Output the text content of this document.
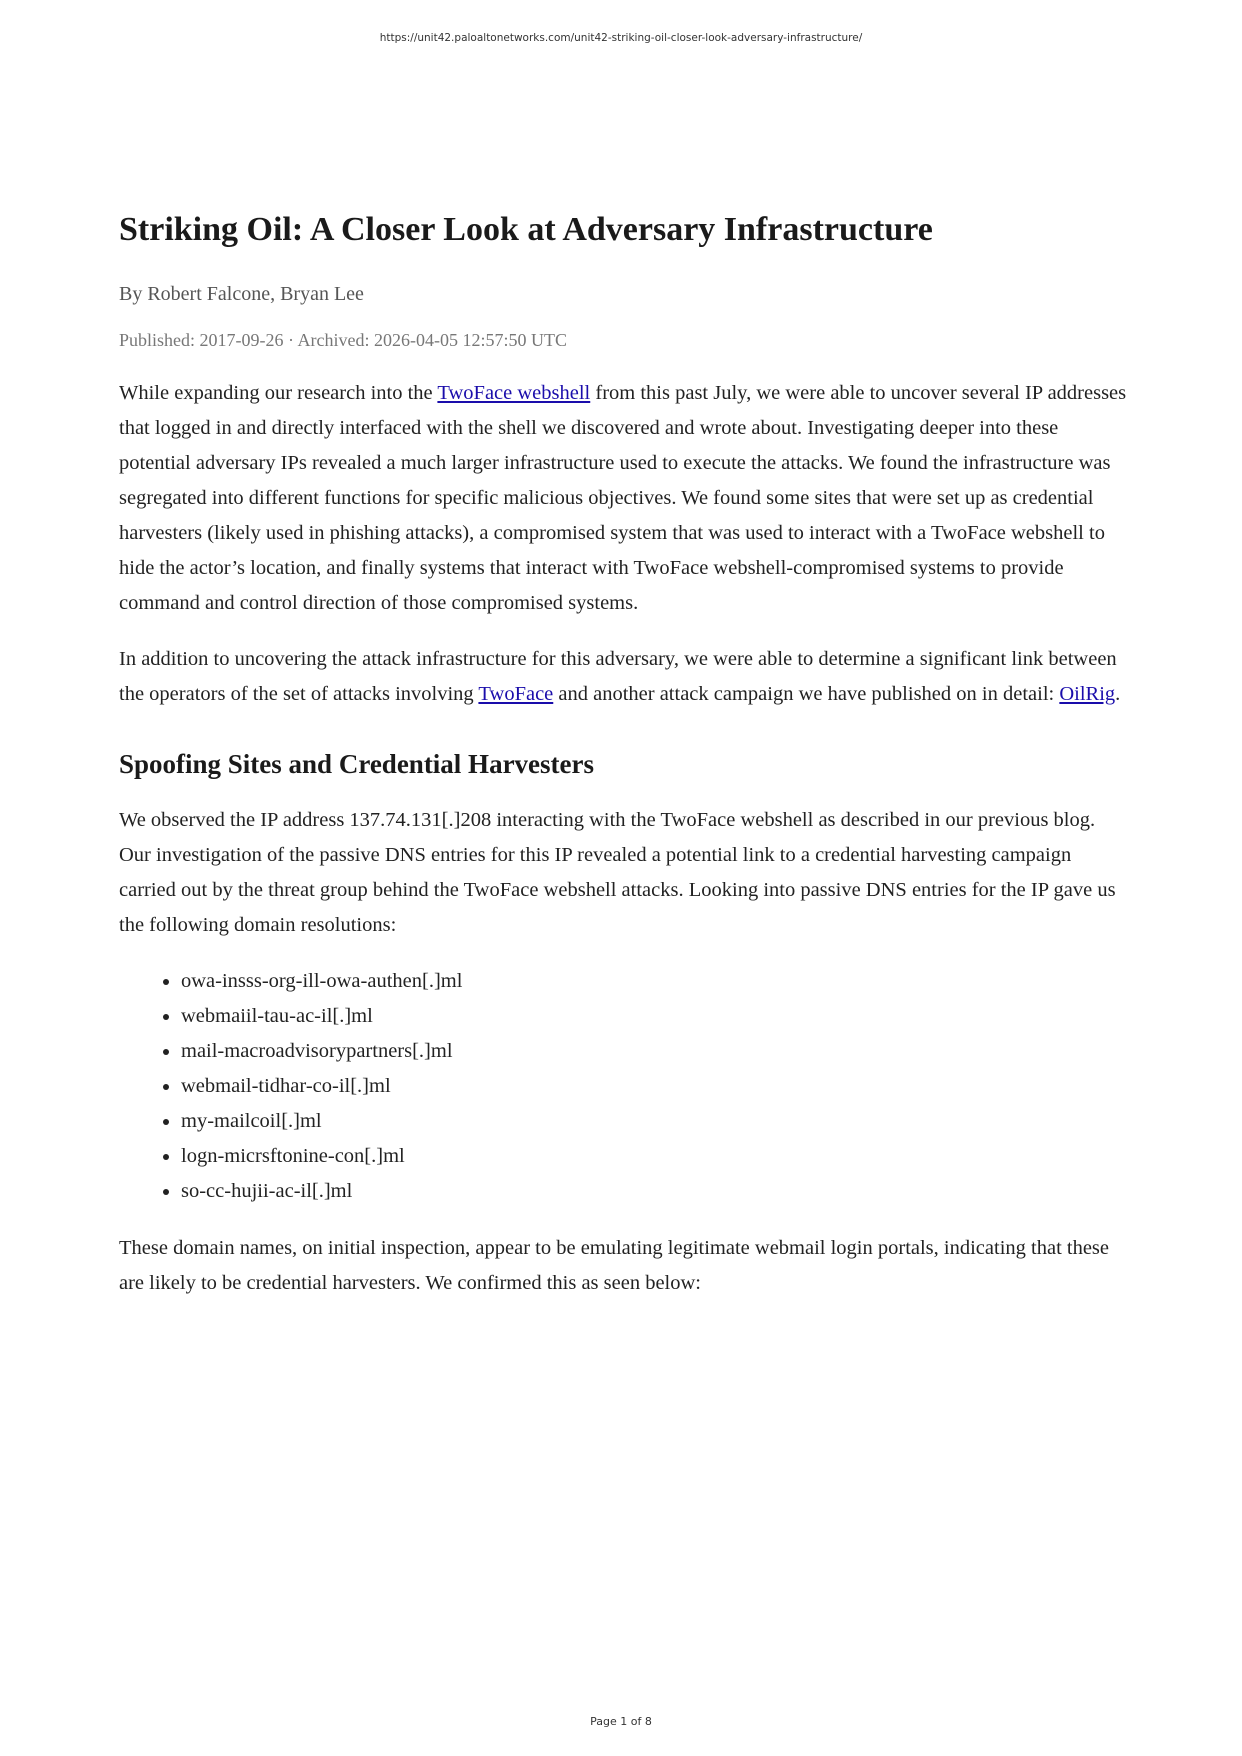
https://unit42.paloaltonetworks.com/unit42-striking-oil-closer-look-adversary-infrastructure/
Striking Oil: A Closer Look at Adversary Infrastructure
By Robert Falcone, Bryan Lee
Published: 2017-09-26 · Archived: 2026-04-05 12:57:50 UTC

While expanding our research into the TwoFace webshell from this past July, we were able to uncover several IP addresses that logged in and directly interfaced with the shell we discovered and wrote about. Investigating deeper into these potential adversary IPs revealed a much larger infrastructure used to execute the attacks. We found the infrastructure was segregated into different functions for specific malicious objectives. We found some sites that were set up as credential harvesters (likely used in phishing attacks), a compromised system that was used to interact with a TwoFace webshell to hide the actor’s location, and finally systems that interact with TwoFace webshell-compromised systems to provide command and control direction of those compromised systems.

In addition to uncovering the attack infrastructure for this adversary, we were able to determine a significant link between the operators of the set of attacks involving TwoFace and another attack campaign we have published on in detail: OilRig.

Spoofing Sites and Credential Harvesters

We observed the IP address 137.74.131[.]208 interacting with the TwoFace webshell as described in our previous blog. Our investigation of the passive DNS entries for this IP revealed a potential link to a credential harvesting campaign carried out by the threat group behind the TwoFace webshell attacks. Looking into passive DNS entries for the IP gave us the following domain resolutions:

• owa-insss-org-ill-owa-authen[.]ml
• webmaiil-tau-ac-il[.]ml
• mail-macroadvisorypartners[.]ml
• webmail-tidhar-co-il[.]ml
• my-mailcoil[.]ml
• logn-micrsftonine-con[.]ml
• so-cc-hujii-ac-il[.]ml

These domain names, on initial inspection, appear to be emulating legitimate webmail login portals, indicating that these are likely to be credential harvesters. We confirmed this as seen below:

Page 1 of 8
